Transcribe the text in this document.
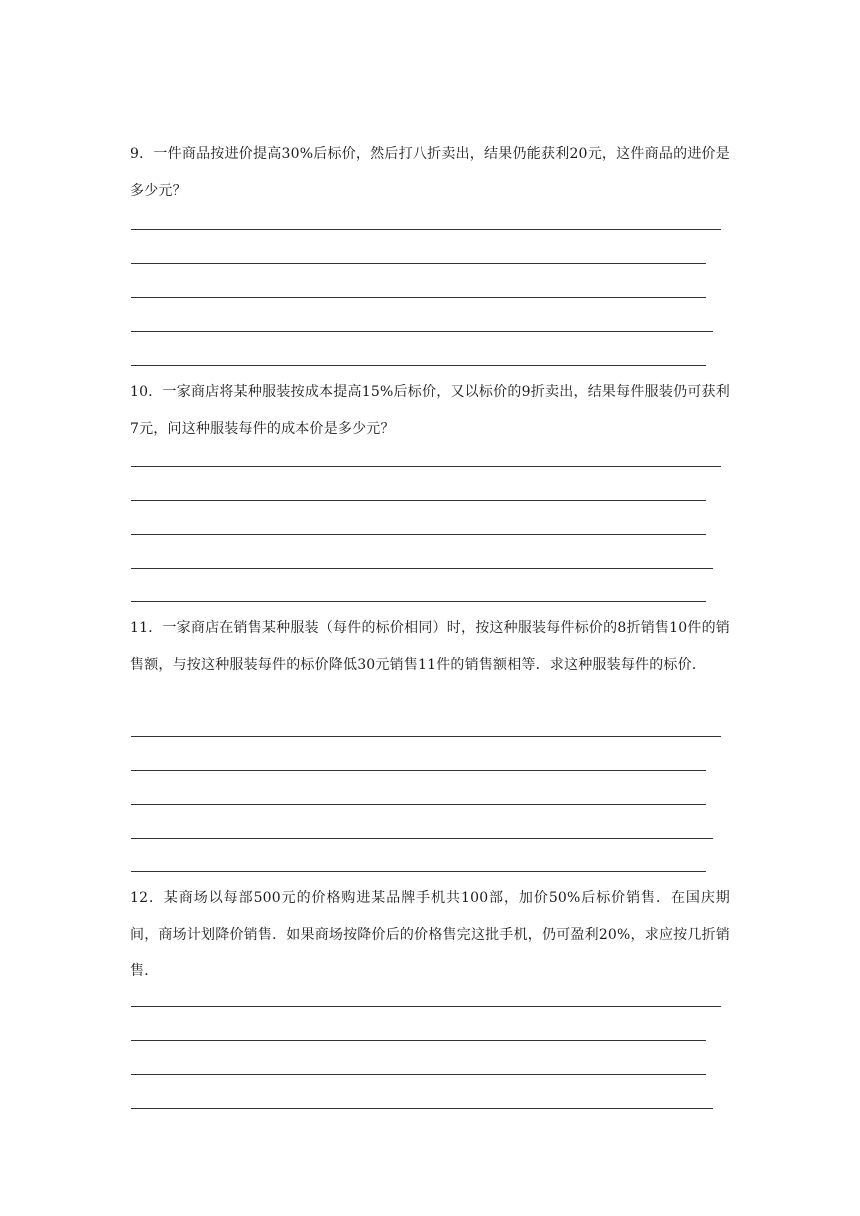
9．一件商品按进价提高30%后标价，然后打八折卖出，结果仍能获利20元，这件商品的进价是多少元？

10．一家商店将某种服装按成本提高15%后标价，又以标价的9折卖出，结果每件服装仍可获利7元，问这种服装每件的成本价是多少元？

11．一家商店在销售某种服装（每件的标价相同）时，按这种服装每件标价的8折销售10件的销售额，与按这种服装每件的标价降低30元销售11件的销售额相等．求这种服装每件的标价．

12．某商场以每部500元的价格购进某品牌手机共100部，加价50%后标价销售．在国庆期间，商场计划降价销售．如果商场按降价后的价格售完这批手机，仍可盈利20%，求应按几折销售．
